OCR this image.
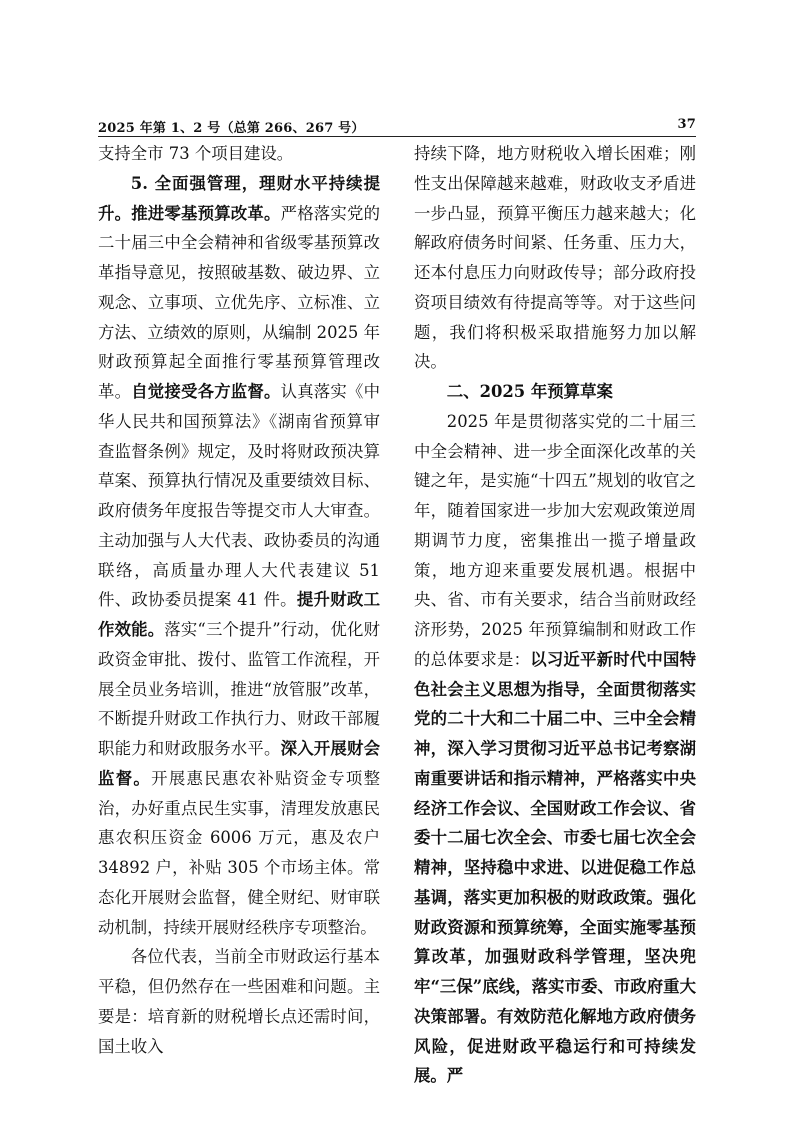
2025 年第 1、2 号（总第 266、267 号）	37

支持全市 73 个项目建设。

5. 全面强管理，理财水平持续提升。推进零基预算改革。严格落实党的二十届三中全会精神和省级零基预算改革指导意见，按照破基数、破边界、立观念、立事项、立优先序、立标准、立方法、立绩效的原则，从编制 2025 年财政预算起全面推行零基预算管理改革。自觉接受各方监督。认真落实《中华人民共和国预算法》《湖南省预算审查监督条例》规定，及时将财政预决算草案、预算执行情况及重要绩效目标、政府债务年度报告等提交市人大审查。主动加强与人大代表、政协委员的沟通联络，高质量办理人大代表建议 51 件、政协委员提案 41 件。提升财政工作效能。落实“三个提升”行动，优化财政资金审批、拨付、监管工作流程，开展全员业务培训，推进“放管服”改革，不断提升财政工作执行力、财政干部履职能力和财政服务水平。深入开展财会监督。开展惠民惠农补贴资金专项整治，办好重点民生实事，清理发放惠民惠农积压资金 6006 万元，惠及农户 34892 户，补贴 305 个市场主体。常态化开展财会监督，健全财纪、财审联动机制，持续开展财经秩序专项整治。

各位代表，当前全市财政运行基本平稳，但仍然存在一些困难和问题。主要是：培育新的财税增长点还需时间，国土收入

持续下降，地方财税收入增长困难；刚性支出保障越来越难，财政收支矛盾进一步凸显，预算平衡压力越来越大；化解政府债务时间紧、任务重、压力大，还本付息压力向财政传导；部分政府投资项目绩效有待提高等等。对于这些问题，我们将积极采取措施努力加以解决。

二、2025 年预算草案

2025 年是贯彻落实党的二十届三中全会精神、进一步全面深化改革的关键之年，是实施“十四五”规划的收官之年，随着国家进一步加大宏观政策逆周期调节力度，密集推出一揽子增量政策，地方迎来重要发展机遇。根据中央、省、市有关要求，结合当前财政经济形势，2025 年预算编制和财政工作的总体要求是：以习近平新时代中国特色社会主义思想为指导，全面贯彻落实党的二十大和二十届二中、三中全会精神，深入学习贯彻习近平总书记考察湖南重要讲话和指示精神，严格落实中央经济工作会议、全国财政工作会议、省委十二届七次全会、市委七届七次全会精神，坚持稳中求进、以进促稳工作总基调，落实更加积极的财政政策。强化财政资源和预算统筹，全面实施零基预算改革，加强财政科学管理，坚决兜牢“三保”底线，落实市委、市政府重大决策部署。有效防范化解地方政府债务风险，促进财政平稳运行和可持续发展。严
